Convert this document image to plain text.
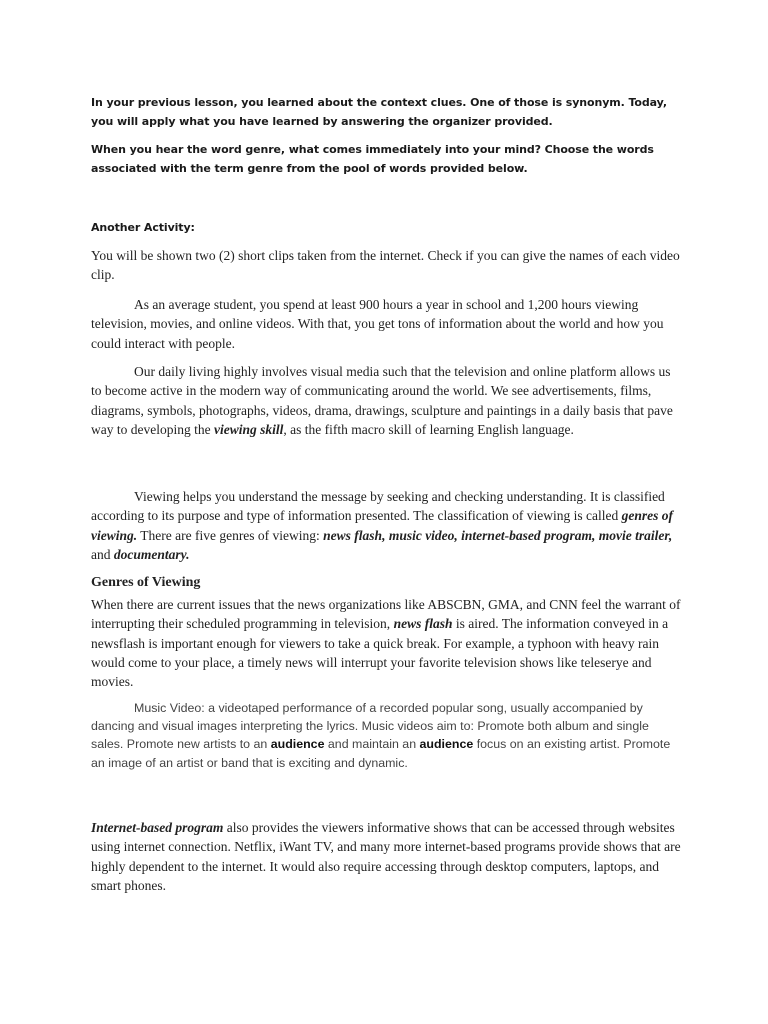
In your previous lesson, you learned about the context clues. One of those is synonym. Today, you will apply what you have learned by answering the organizer provided.

When you hear the word genre, what comes immediately into your mind? Choose the words associated with the term genre from the pool of words provided below.

Another Activity:

You will be shown two (2) short clips taken from the internet. Check if you can give the names of each video clip.

As an average student, you spend at least 900 hours a year in school and 1,200 hours viewing television, movies, and online videos. With that, you get tons of information about the world and how you could interact with people.

Our daily living highly involves visual media such that the television and online platform allows us to become active in the modern way of communicating around the world. We see advertisements, films, diagrams, symbols, photographs, videos, drama, drawings, sculpture and paintings in a daily basis that pave way to developing the viewing skill, as the fifth macro skill of learning English language.

Viewing helps you understand the message by seeking and checking understanding. It is classified according to its purpose and type of information presented. The classification of viewing is called genres of viewing. There are five genres of viewing: news flash, music video, internet-based program, movie trailer, and documentary.

Genres of Viewing

When there are current issues that the news organizations like ABSCBN, GMA, and CNN feel the warrant of interrupting their scheduled programming in television, news flash is aired. The information conveyed in a newsflash is important enough for viewers to take a quick break. For example, a typhoon with heavy rain would come to your place, a timely news will interrupt your favorite television shows like teleserye and movies.

Music Video: a videotaped performance of a recorded popular song, usually accompanied by dancing and visual images interpreting the lyrics. Music videos aim to: Promote both album and single sales. Promote new artists to an audience and maintain an audience focus on an existing artist. Promote an image of an artist or band that is exciting and dynamic.

Internet-based program also provides the viewers informative shows that can be accessed through websites using internet connection. Netflix, iWant TV, and many more internet-based programs provide shows that are highly dependent to the internet. It would also require accessing through desktop computers, laptops, and smart phones.
